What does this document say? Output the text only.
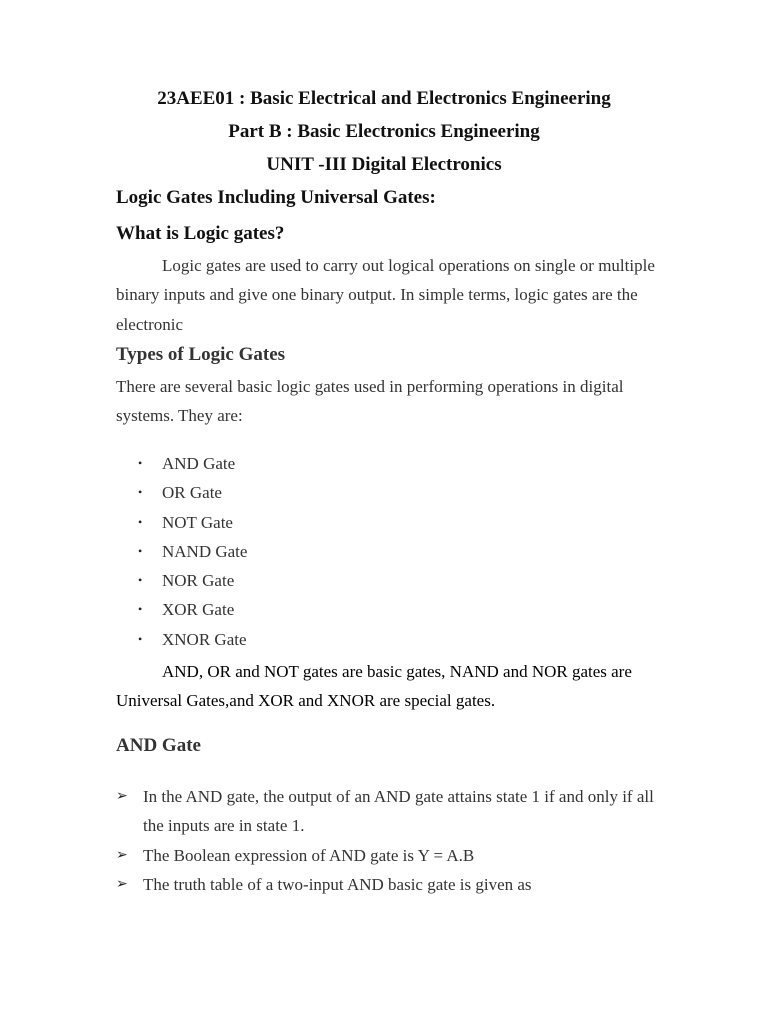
23AEE01 : Basic Electrical and Electronics Engineering
Part B : Basic Electronics Engineering
UNIT -III Digital Electronics
Logic Gates Including Universal Gates:
What is Logic gates?
Logic gates are used to carry out logical operations on single or multiple binary inputs and give one binary output. In simple terms, logic gates are the electronic
Types of Logic Gates
There are several basic logic gates used in performing operations in digital systems. They are:
• AND Gate
• OR Gate
• NOT Gate
• NAND Gate
• NOR Gate
• XOR Gate
• XNOR Gate
AND, OR and NOT gates are basic gates, NAND and NOR gates are Universal Gates,and XOR and XNOR are special gates.
AND Gate
➢ In the AND gate, the output of an AND gate attains state 1 if and only if all the inputs are in state 1.
➢ The Boolean expression of AND gate is Y = A.B
➢ The truth table of a two-input AND basic gate is given as
